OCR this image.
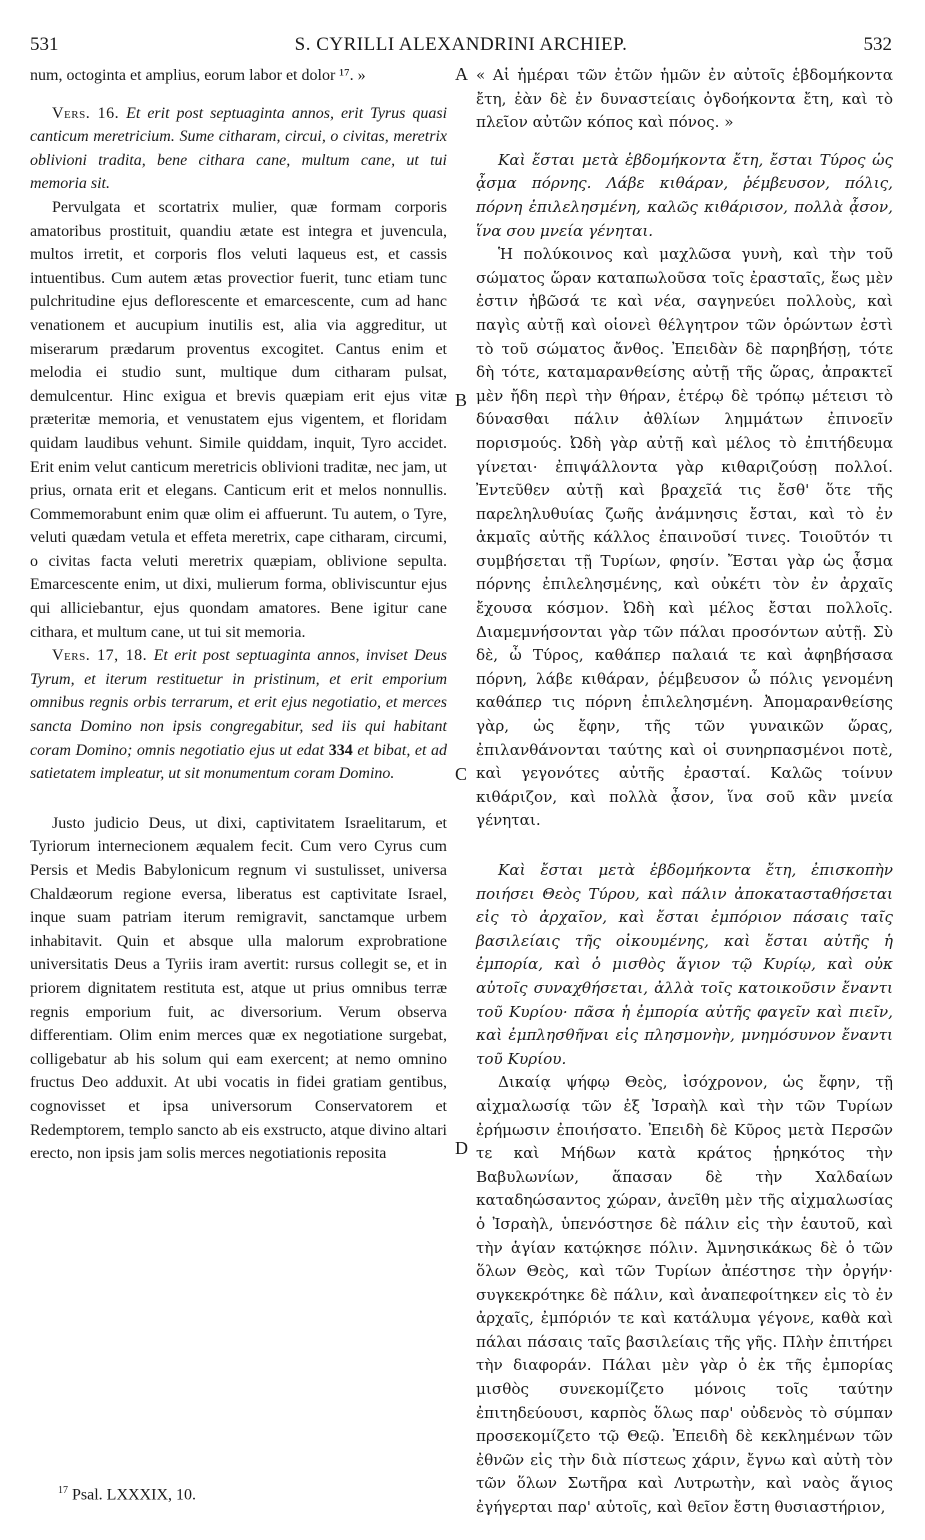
531	S. CYRILLI ALEXANDRINI ARCHIEP.	532

num, octoginta et amplius, eorum labor et dolor ¹⁷. »

Vers. 16. Et erit post septuaginta annos, erit Tyrus quasi canticum meretricium. Sume citharam, circui, o civitas, meretrix oblivioni tradita, bene cithara cane, multum cane, ut tui memoria sit.

Pervulgata et scortatrix mulier, quæ formam corporis amatoribus prostituit, quandiu ætate est integra et juvencula, multos irretit, et corporis flos veluti laqueus est, et cassis intuentibus. Cum autem ætas provectior fuerit, tunc etiam tunc pulchritudine ejus deflorescente et emarcescente, cum ad hanc venationem et aucupium inutilis est, alia via aggreditur, ut miserarum prædarum proventus excogitet. Cantus enim et melodia ei studio sunt, multique dum citharam pulsat, demulcentur. Hinc exigua et brevis quæpiam erit ejus vitæ præteritæ memoria, et venustatem ejus vigentem, et floridam quidam laudibus vehunt. Simile quiddam, inquit, Tyro accidet. Erit enim velut canticum meretricis oblivioni traditæ, nec jam, ut prius, ornata erit et elegans. Canticum erit et melos nonnullis. Commemorabunt enim quæ olim ei affuerunt. Tu autem, o Tyre, veluti quædam vetula et effeta meretrix, cape citharam, circumi, o civitas facta veluti meretrix quæpiam, oblivione sepulta. Emarcescente enim, ut dixi, mulierum forma, obliviscuntur ejus qui alliciebantur, ejus quondam amatores. Bene igitur cane cithara, et multum cane, ut tui sit memoria.

Vers. 17, 18. Et erit post septuaginta annos, inviset Deus Tyrum, et iterum restituetur in pristinum, et erit emporium omnibus regnis orbis terrarum, et erit ejus negotiatio, et merces sancta Domino non ipsis congregabitur, sed iis qui habitant coram Domino; omnis negotiatio ejus ut edat 334 et bibat, et ad satietatem impleatur, ut sit monumentum coram Domino.

Justo judicio Deus, ut dixi, captivitatem Israelitarum, et Tyriorum internecionem æqualem fecit. Cum vero Cyrus cum Persis et Medis Babylonicum regnum vi sustulisset, universa Chaldæorum regione eversa, liberatus est captivitate Israel, inque suam patriam iterum remigravit, sanctamque urbem inhabitavit. Quin et absque ulla malorum exprobratione universitatis Deus a Tyriis iram avertit: rursus collegit se, et in priorem dignitatem restituta est, atque ut prius omnibus terræ regnis emporium fuit, ac diversorium. Verum observa differentiam. Olim enim merces quæ ex negotiatione surgebat, colligebatur ab his solum qui eam exercent; at nemo omnino fructus Deo adduxit. At ubi vocatis in fidei gratiam gentibus, cognovisset et ipsa universorum Conservatorem et Redemptorem, templo sancto ab eis exstructo, atque divino altari erecto, non ipsis jam solis merces negotiationis reposita

A
B
C
D

« Αἱ ἡμέραι τῶν ἐτῶν ἡμῶν ἐν αὐτοῖς ἑβδομήκοντα ἔτη, ἐὰν δὲ ἐν δυναστείαις ὀγδοήκοντα ἔτη, καὶ τὸ πλεῖον αὐτῶν κόπος καὶ πόνος. »

Καὶ ἔσται μετὰ ἑβδομήκοντα ἔτη, ἔσται Τύρος ὡς ᾆσμα πόρνης. Λάβε κιθάραν, ῥέμβευσον, πόλις, πόρνη ἐπιλελησμένη, καλῶς κιθάρισον, πολλὰ ᾆσον, ἵνα σου μνεία γένηται.

Ἡ πολύκοινος καὶ μαχλῶσα γυνὴ, καὶ τὴν τοῦ σώματος ὥραν καταπωλοῦσα τοῖς ἐρασταῖς, ἕως μὲν ἐστιν ἡβῶσά τε καὶ νέα, σαγηνεύει πολλοὺς, καὶ παγὶς αὐτῇ καὶ οἱονεὶ θέλγητρον τῶν ὁρώντων ἐστὶ τὸ τοῦ σώματος ἄνθος. Ἐπειδὰν δὲ παρηβήσῃ, τότε δὴ τότε, καταμαρανθείσης αὐτῇ τῆς ὥρας, ἀπρακτεῖ μὲν ἤδη περὶ τὴν θήραν, ἑτέρῳ δὲ τρόπῳ μέτεισι τὸ δύνασθαι πάλιν ἀθλίων λημμάτων ἐπινοεῖν πορισμούς. Ὠδὴ γὰρ αὐτῇ καὶ μέλος τὸ ἐπιτήδευμα γίνεται· ἐπιψάλλοντα γὰρ κιθαριζούσῃ πολλοί. Ἐντεῦθεν αὐτῇ καὶ βραχεῖά τις ἔσθ' ὅτε τῆς παρεληλυθυίας ζωῆς ἀνάμνησις ἔσται, καὶ τὸ ἐν ἀκμαῖς αὐτῆς κάλλος ἐπαινοῦσί τινες. Τοιοῦτόν τι συμβήσεται τῇ Τυρίων, φησίν. Ἔσται γὰρ ὡς ᾆσμα πόρνης ἐπιλελησμένης, καὶ οὐκέτι τὸν ἐν ἀρχαῖς ἔχουσα κόσμον. Ὠδὴ καὶ μέλος ἔσται πολλοῖς. Διαμεμνήσονται γὰρ τῶν πάλαι προσόντων αὐτῇ. Σὺ δὲ, ὦ Τύρος, καθάπερ παλαιά τε καὶ ἀφηβήσασα πόρνη, λάβε κιθάραν, ῥέμβευσον ὦ πόλις γενομένη καθάπερ τις πόρνη ἐπιλελησμένη. Ἀπομαρανθείσης γὰρ, ὡς ἔφην, τῆς τῶν γυναικῶν ὥρας, ἐπιλανθάνονται ταύτης καὶ οἱ συνηρπασμένοι ποτὲ, καὶ γεγονότες αὐτῆς ἐρασταί. Καλῶς τοίνυν κιθάριζον, καὶ πολλὰ ᾆσον, ἵνα σοῦ κἂν μνεία γένηται.

Καὶ ἔσται μετὰ ἑβδομήκοντα ἔτη, ἐπισκοπὴν ποιήσει Θεὸς Τύρου, καὶ πάλιν ἀποκατασταθήσεται εἰς τὸ ἀρχαῖον, καὶ ἔσται ἐμπόριον πάσαις ταῖς βασιλείαις τῆς οἰκουμένης, καὶ ἔσται αὐτῆς ἡ ἐμπορία, καὶ ὁ μισθὸς ἅγιον τῷ Κυρίῳ, καὶ οὐκ αὐτοῖς συναχθήσεται, ἀλλὰ τοῖς κατοικοῦσιν ἔναντι τοῦ Κυρίου· πᾶσα ἡ ἐμπορία αὐτῆς φαγεῖν καὶ πιεῖν, καὶ ἐμπλησθῆναι εἰς πλησμονὴν, μνημόσυνον ἔναντι τοῦ Κυρίου.

Δικαίᾳ ψήφῳ Θεὸς, ἰσόχρονον, ὡς ἔφην, τῇ αἰχμαλωσίᾳ τῶν ἐξ Ἰσραὴλ καὶ τὴν τῶν Τυρίων ἐρήμωσιν ἐποιήσατο. Ἐπειδὴ δὲ Κῦρος μετὰ Περσῶν τε καὶ Μήδων κατὰ κράτος ᾑρηκότος τὴν Βαβυλωνίων, ἅπασαν δὲ τὴν Χαλδαίων καταδηώσαντος χώραν, ἀνεῖθη μὲν τῆς αἰχμαλωσίας ὁ Ἰσραὴλ, ὑπενόστησε δὲ πάλιν εἰς τὴν ἑαυτοῦ, καὶ τὴν ἁγίαν κατῴκησε πόλιν. Ἀμνησικάκως δὲ ὁ τῶν ὅλων Θεὸς, καὶ τῶν Τυρίων ἀπέστησε τὴν ὀργήν· συγκεκρότηκε δὲ πάλιν, καὶ ἀναπεφοίτηκεν εἰς τὸ ἐν ἀρχαῖς, ἐμπόριόν τε καὶ κατάλυμα γέγονε, καθὰ καὶ πάλαι πάσαις ταῖς βασιλείαις τῆς γῆς. Πλὴν ἐπιτήρει τὴν διαφοράν. Πάλαι μὲν γὰρ ὁ ἐκ τῆς ἐμπορίας μισθὸς συνεκομίζετο μόνοις τοῖς ταύτην ἐπιτηδεύουσι, καρπὸς ὅλως παρ' οὐδενὸς τὸ σύμπαν προσεκομίζετο τῷ Θεῷ. Ἐπειδὴ δὲ κεκλημένων τῶν ἐθνῶν εἰς τὴν διὰ πίστεως χάριν, ἔγνω καὶ αὐτὴ τὸν τῶν ὅλων Σωτῆρα καὶ Λυτρωτὴν, καὶ ναὸς ἅγιος ἐγήγερται παρ' αὐτοῖς, καὶ θεῖον ἔστη θυσιαστήριον,

$^{17}$ Psal. LXXXIX, 10.
